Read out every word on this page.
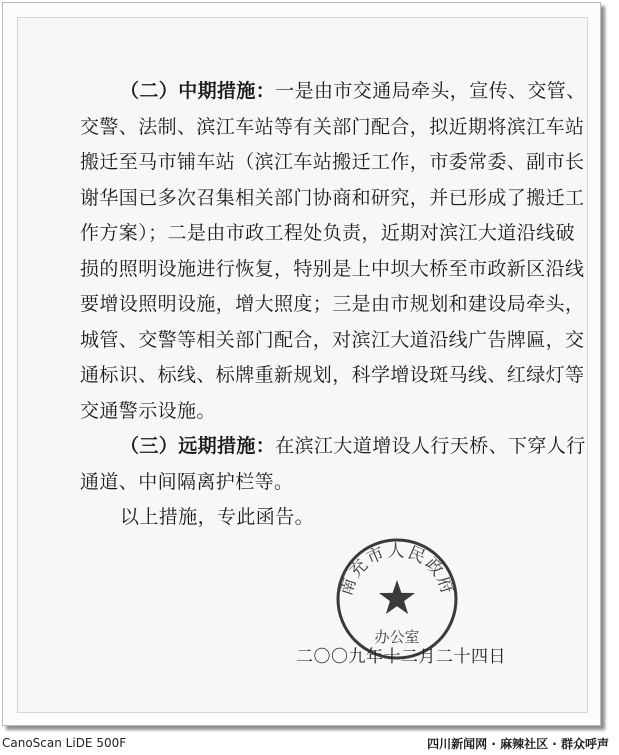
（二）中期措施：一是由市交通局牵头，宣传、交管、
交警、法制、滨江车站等有关部门配合，拟近期将滨江车站
搬迁至马市铺车站（滨江车站搬迁工作，市委常委、副市长
谢华国已多次召集相关部门协商和研究，并已形成了搬迁工
作方案）；二是由市政工程处负责，近期对滨江大道沿线破
损的照明设施进行恢复，特别是上中坝大桥至市政新区沿线
要增设照明设施，增大照度；三是由市规划和建设局牵头，
城管、交警等相关部门配合，对滨江大道沿线广告牌匾，交
通标识、标线、标牌重新规划，科学增设斑马线、红绿灯等
交通警示设施。
（三）远期措施：在滨江大道增设人行天桥、下穿人行
通道、中间隔离护栏等。
以上措施，专此函告。
南充市人民政府
办公室
二〇〇九年十二月二十四日
CanoScan LiDE 500F	四川新闻网 · 麻辣社区 · 群众呼声
